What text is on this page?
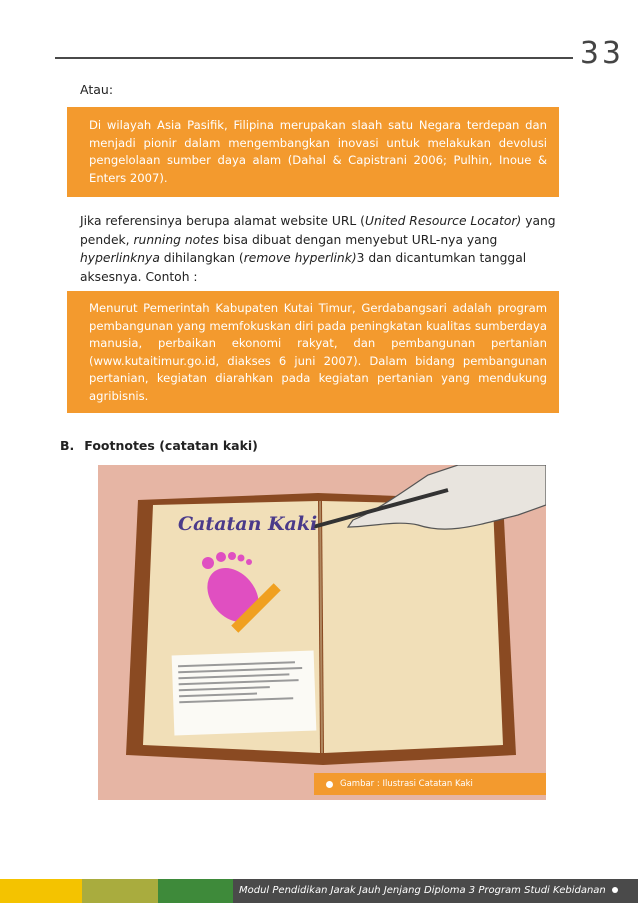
33
Atau:
Di wilayah Asia Pasifik, Filipina merupakan slaah satu Negara terdepan dan menjadi pionir dalam mengembangkan inovasi untuk melakukan devolusi pengelolaan sumber daya alam (Dahal & Capistrani 2006; Pulhin, Inoue & Enters 2007).
Jika referensinya berupa alamat website URL (United Resource Locator) yang pendek, running notes bisa dibuat dengan menyebut URL-nya yang hyperlinknya dihilangkan (remove hyperlink)3 dan dicantumkan tanggal aksesnya. Contoh :
Menurut Pemerintah Kabupaten Kutai Timur, Gerdabangsari adalah program pembangunan yang memfokuskan diri pada peningkatan kualitas sumberdaya manusia, perbaikan ekonomi rakyat, dan pembangunan pertanian (www.kutaitimur.go.id, diakses 6 juni 2007). Dalam bidang pembangunan pertanian, kegiatan diarahkan pada kegiatan pertanian yang mendukung agribisnis.
B. Footnotes (catatan kaki)
Catatan Kaki
Gambar : Ilustrasi Catatan Kaki
Modul Pendidikan Jarak Jauh Jenjang Diploma 3 Program Studi Kebidanan
